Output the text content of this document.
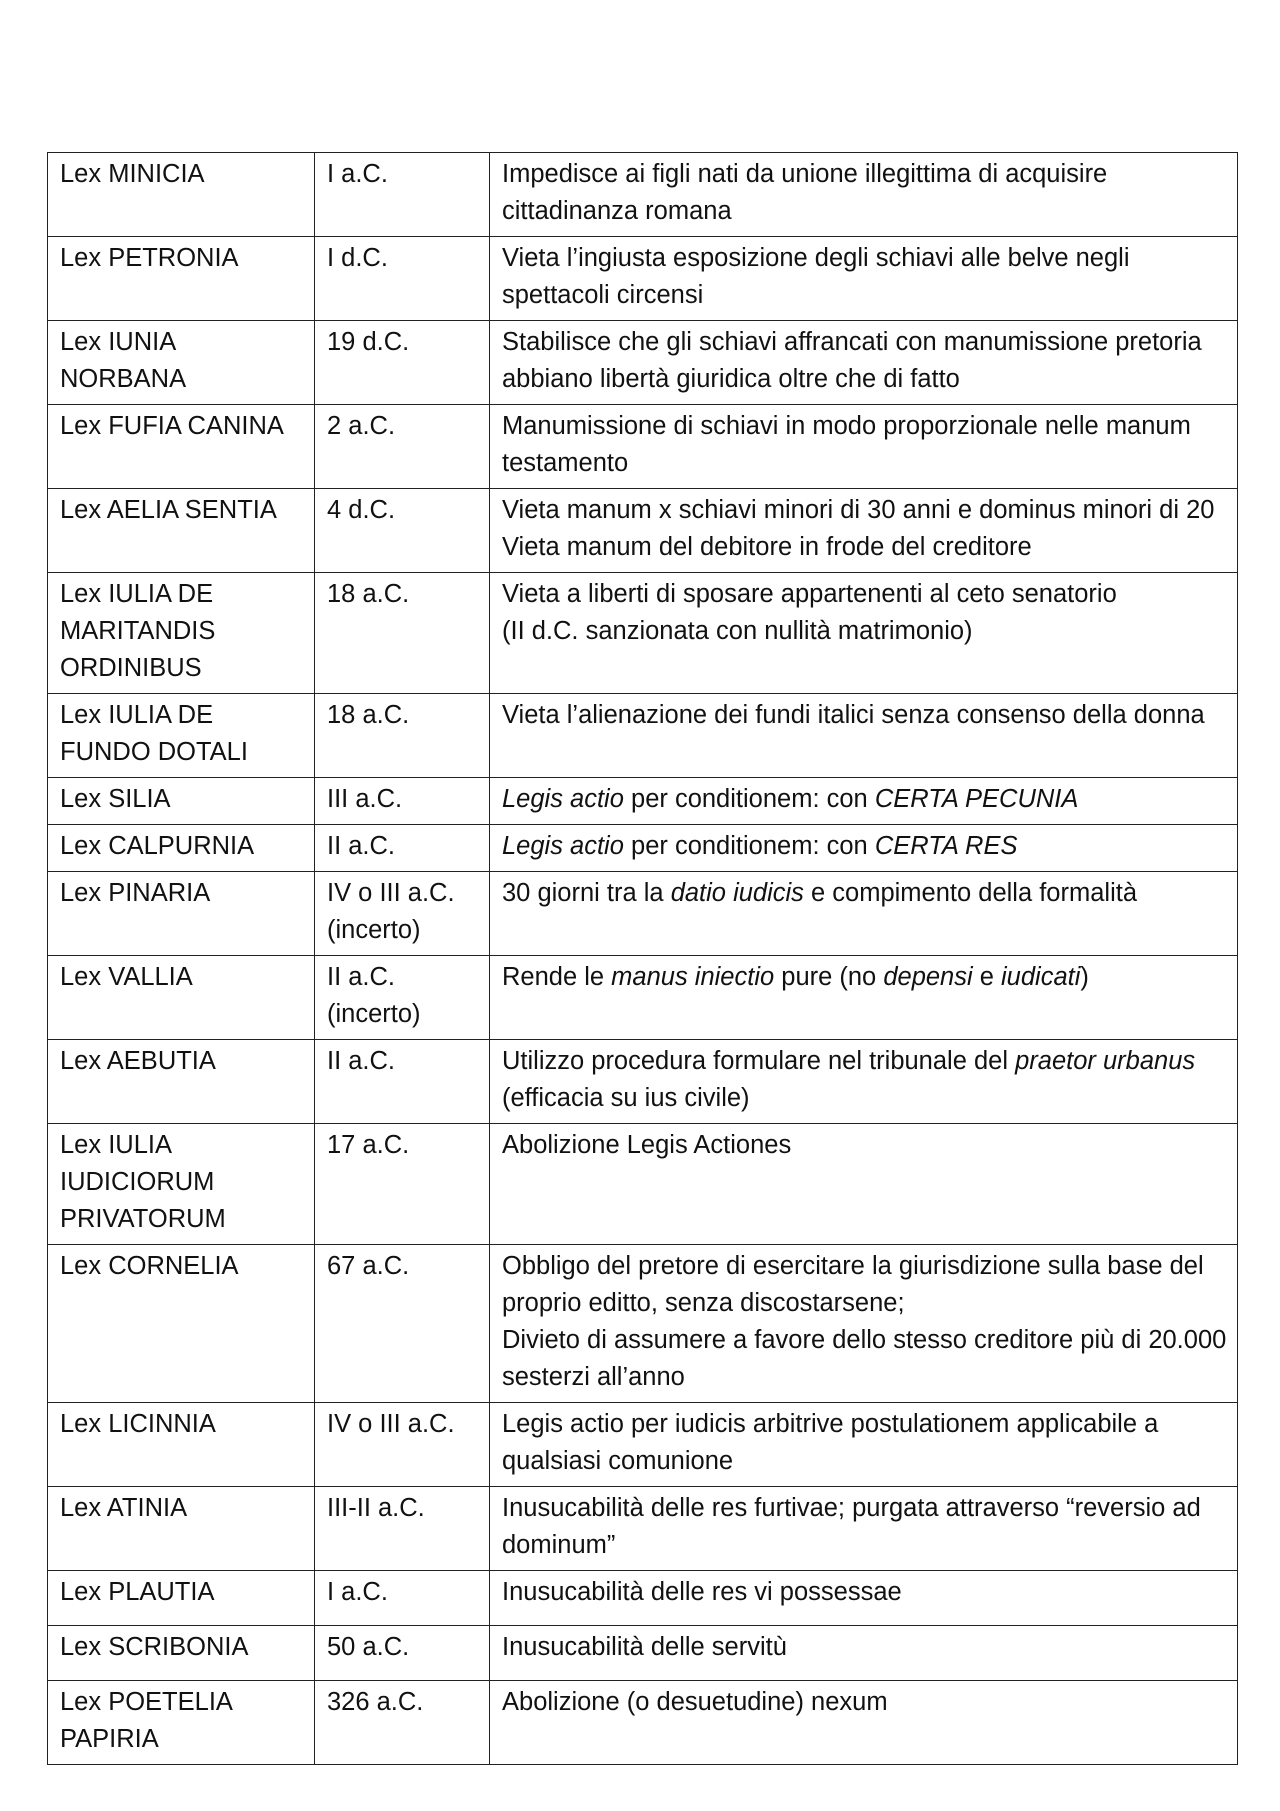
Lex MINICIA	I a.C.	Impedisce ai figli nati da unione illegittima di acquisire cittadinanza romana

Lex PETRONIA	I d.C.	Vieta l’ingiusta esposizione degli schiavi alle belve negli spettacoli circensi

Lex IUNIA NORBANA	19 d.C.	Stabilisce che gli schiavi affrancati con manumissione pretoria abbiano libertà giuridica oltre che di fatto

Lex FUFIA CANINA	2 a.C.	Manumissione di schiavi in modo proporzionale nelle manum testamento

Lex AELIA SENTIA	4 d.C.	Vieta manum x schiavi minori di 30 anni e dominus minori di 20
Vieta manum del debitore in frode del creditore

Lex IULIA DE MARITANDIS ORDINIBUS	18 a.C.	Vieta a liberti di sposare appartenenti al ceto senatorio
(II d.C. sanzionata con nullità matrimonio)

Lex IULIA DE FUNDO DOTALI	18 a.C.	Vieta l’alienazione dei fundi italici senza consenso della donna

Lex SILIA	III a.C.	Legis actio per conditionem: con CERTA PECUNIA

Lex CALPURNIA	II a.C.	Legis actio per conditionem: con CERTA RES

Lex PINARIA	IV o III a.C. (incerto)	30 giorni tra la datio iudicis e compimento della formalità

Lex VALLIA	II a.C. (incerto)	Rende le manus iniectio pure (no depensi e iudicati)

Lex AEBUTIA	II a.C.	Utilizzo procedura formulare nel tribunale del praetor urbanus
(efficacia su ius civile)

Lex IULIA IUDICIORUM PRIVATORUM	17 a.C.	Abolizione Legis Actiones

Lex CORNELIA	67 a.C.	Obbligo del pretore di esercitare la giurisdizione sulla base del proprio editto, senza discostarsene;
Divieto di assumere a favore dello stesso creditore più di 20.000 sesterzi all’anno

Lex LICINNIA	IV o III a.C.	Legis actio per iudicis arbitrive postulationem applicabile a qualsiasi comunione

Lex ATINIA	III-II a.C.	Inusucabilità delle res furtivae; purgata attraverso “reversio ad dominum”

Lex PLAUTIA	I a.C.	Inusucabilità delle res vi possessae

Lex SCRIBONIA	50 a.C.	Inusucabilità delle servitù

Lex POETELIA PAPIRIA	326 a.C.	Abolizione (o desuetudine) nexum
